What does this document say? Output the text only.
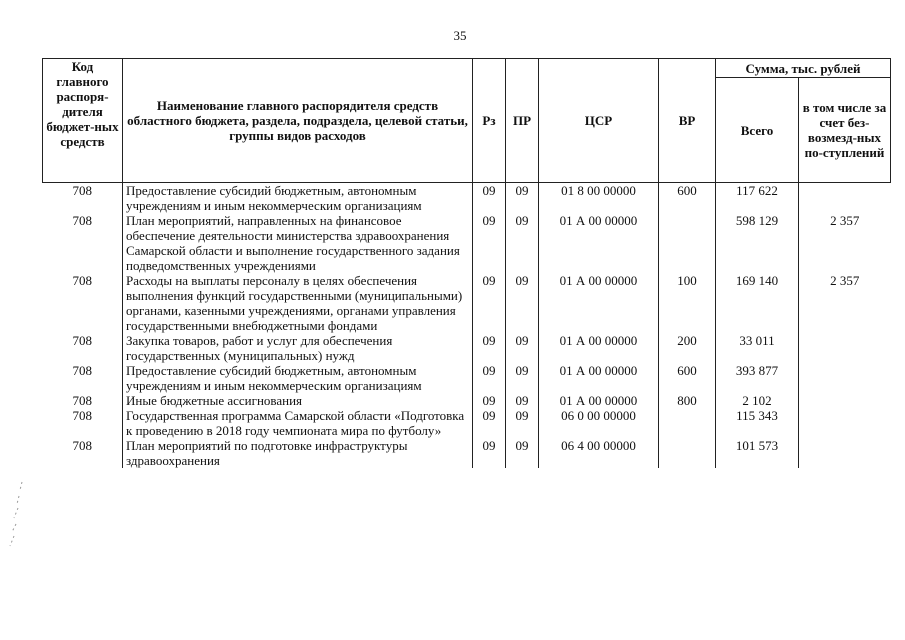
35
Код главного распоря-дителя бюджет-ных средств	Наименование главного распорядителя средств областного бюджета, раздела, подраздела, целевой статьи, группы видов расходов	Рз	ПР	ЦСР	ВР	Сумма, тыс. рублей	
						Всего	в том числе за счет без-возмезд-ных по-ступлений
708	Предоставление субсидий бюджетным, автономным учреждениям и иным некоммерческим организациям	09	09	01 8 00 00000	600	117 622	
708	План мероприятий, направленных на финансовое обеспечение деятельности министерства здравоохранения Самарской области и выполнение государственного задания подведомственных учреждениями	09	09	01 А 00 00000		598 129	2 357
708	Расходы на выплаты персоналу в целях обеспечения выполнения функций государственными (муниципальными) органами, казенными учреждениями, органами управления государственными внебюджетными фондами	09	09	01 А 00 00000	100	169 140	2 357
708	Закупка товаров, работ и услуг для обеспечения государственных (муниципальных) нужд	09	09	01 А 00 00000	200	33 011	
708	Предоставление субсидий бюджетным, автономным учреждениям и иным некоммерческим организациям	09	09	01 А 00 00000	600	393 877	
708	Иные бюджетные ассигнования	09	09	01 А 00 00000	800	2 102	
708	Государственная программа Самарской области «Подготовка к проведению в 2018 году чемпионата мира по футболу»	09	09	06 0 00 00000		115 343	
708	План мероприятий по подготовке инфраструктуры здравоохранения	09	09	06 4 00 00000		101 573	
